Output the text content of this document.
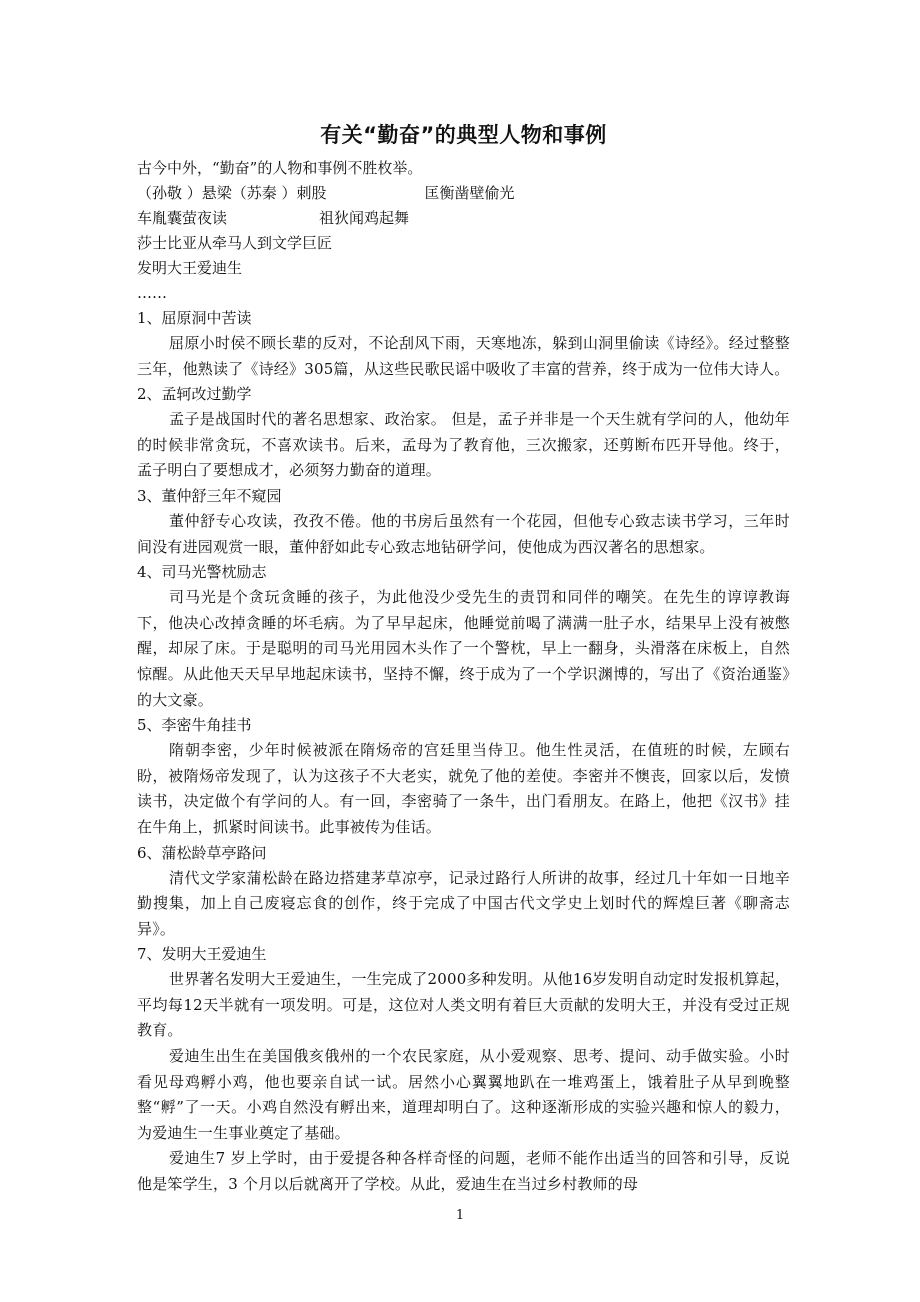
有关“勤奋”的典型人物和事例

古今中外，“勤奋”的人物和事例不胜枚举。

（孙敬 ）悬梁（苏秦 ）刺股	匡衡凿壁偷光

车胤囊萤夜读	祖狄闻鸡起舞

莎士比亚从牵马人到文学巨匠

发明大王爱迪生

……

1、屈原洞中苦读

屈原小时侯不顾长辈的反对，不论刮风下雨，天寒地冻，躲到山洞里偷读《诗经》。经过整整三年，他熟读了《诗经》305篇，从这些民歌民谣中吸收了丰富的营养，终于成为一位伟大诗人。

2、孟轲改过勤学

孟子是战国时代的著名思想家、政治家。 但是，孟子并非是一个天生就有学问的人，他幼年的时候非常贪玩，不喜欢读书。后来，孟母为了教育他，三次搬家，还剪断布匹开导他。终于，孟子明白了要想成才，必须努力勤奋的道理。

3、董仲舒三年不窥园

董仲舒专心攻读，孜孜不倦。他的书房后虽然有一个花园，但他专心致志读书学习，三年时间没有进园观赏一眼，董仲舒如此专心致志地钻研学问，使他成为西汉著名的思想家。

4、司马光警枕励志

司马光是个贪玩贪睡的孩子，为此他没少受先生的责罚和同伴的嘲笑。在先生的谆谆教诲下，他决心改掉贪睡的坏毛病。为了早早起床，他睡觉前喝了满满一肚子水，结果早上没有被憋醒，却尿了床。于是聪明的司马光用园木头作了一个警枕，早上一翻身，头滑落在床板上，自然惊醒。从此他天天早早地起床读书，坚持不懈，终于成为了一个学识渊博的，写出了《资治通鉴》的大文豪。

5、李密牛角挂书

隋朝李密，少年时候被派在隋炀帝的宫廷里当侍卫。他生性灵活，在值班的时候，左顾右盼，被隋炀帝发现了，认为这孩子不大老实，就免了他的差使。李密并不懊丧，回家以后，发愤读书，决定做个有学问的人。有一回，李密骑了一条牛，出门看朋友。在路上，他把《汉书》挂在牛角上，抓紧时间读书。此事被传为佳话。

6、蒲松龄草亭路问

清代文学家蒲松龄在路边搭建茅草凉亭，记录过路行人所讲的故事，经过几十年如一日地辛勤搜集，加上自己废寝忘食的创作，终于完成了中国古代文学史上划时代的辉煌巨著《聊斋志异》。

7、发明大王爱迪生

世界著名发明大王爱迪生，一生完成了2000多种发明。从他16岁发明自动定时发报机算起，平均每12天半就有一项发明。可是，这位对人类文明有着巨大贡献的发明大王，并没有受过正规教育。

爱迪生出生在美国俄亥俄州的一个农民家庭，从小爱观察、思考、提问、动手做实验。小时看见母鸡孵小鸡，他也要亲自试一试。居然小心翼翼地趴在一堆鸡蛋上，饿着肚子从早到晚整整“孵”了一天。小鸡自然没有孵出来，道理却明白了。这种逐渐形成的实验兴趣和惊人的毅力，为爱迪生一生事业奠定了基础。

爱迪生7 岁上学时，由于爱提各种各样奇怪的问题，老师不能作出适当的回答和引导，反说他是笨学生，3 个月以后就离开了学校。从此，爱迪生在当过乡村教师的母

1
